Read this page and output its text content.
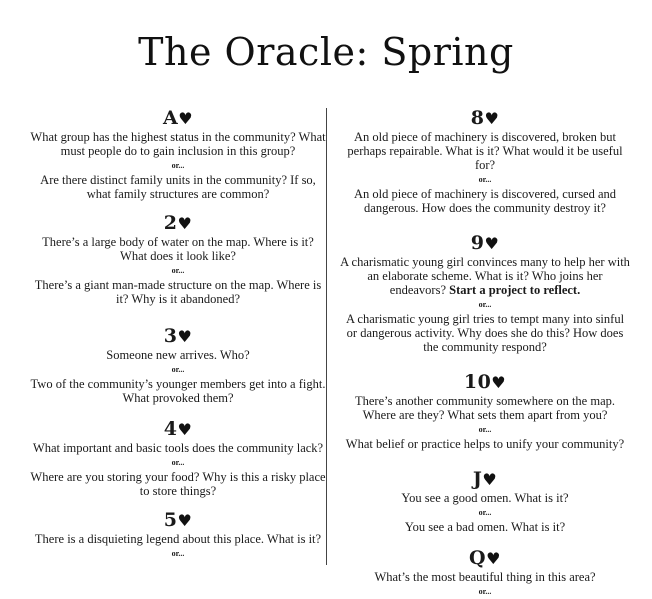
The Oracle: Spring
A♥

What group has the highest status in the community? What must people do to gain inclusion in this group?

or...

Are there distinct family units in the community? If so, what family structures are common?

2♥

There’s a large body of water on the map. Where is it? What does it look like?

or...

There’s a giant man-made structure on the map. Where is it? Why is it abandoned?

3♥

Someone new arrives. Who?

or...

Two of the community’s younger members get into a fight. What provoked them?

4♥

What important and basic tools does the community lack?

or...

Where are you storing your food? Why is this a risky place to store things?

5♥

There is a disquieting legend about this place. What is it?

or...
8♥

An old piece of machinery is discovered, broken but perhaps repairable. What is it? What would it be useful for?

or...

An old piece of machinery is discovered, cursed and dangerous. How does the community destroy it?

9♥

A charismatic young girl convinces many to help her with an elaborate scheme. What is it? Who joins her endeavors? Start a project to reflect.

or...

A charismatic young girl tries to tempt many into sinful or dangerous activity. Why does she do this? How does the community respond?

10♥

There’s another community somewhere on the map. Where are they? What sets them apart from you?

or...

What belief or practice helps to unify your community?

J♥

You see a good omen. What is it?

or...

You see a bad omen. What is it?

Q♥

What’s the most beautiful thing in this area?

or...
